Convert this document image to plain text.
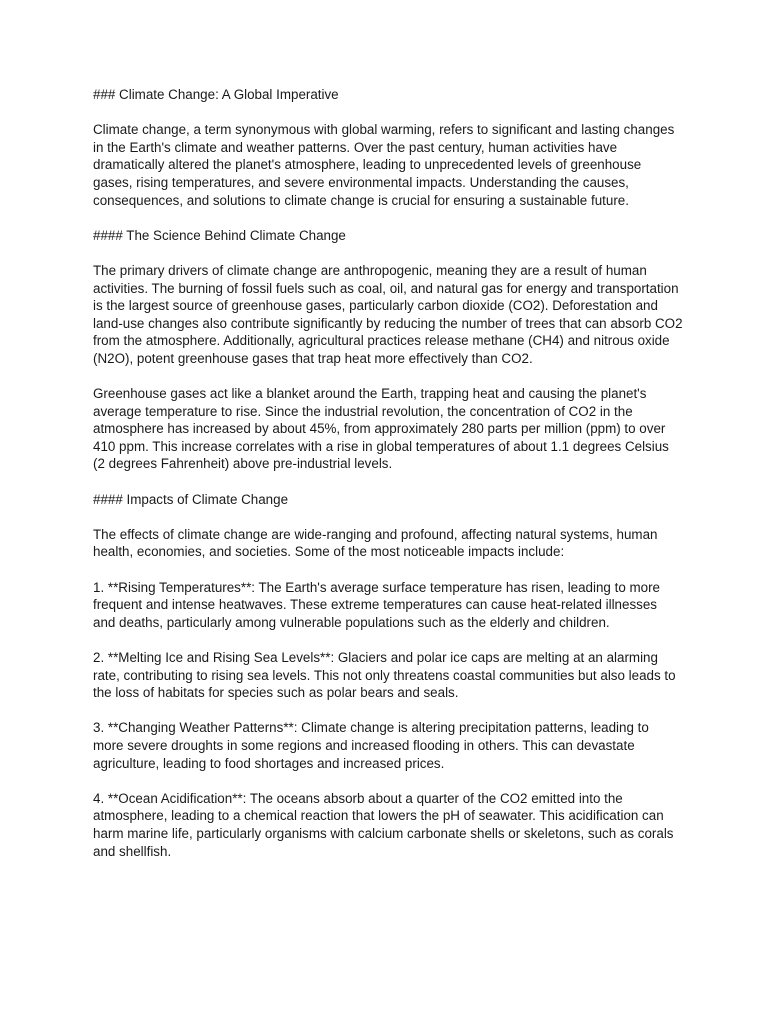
### Climate Change: A Global Imperative

Climate change, a term synonymous with global warming, refers to significant and lasting changes in the Earth's climate and weather patterns. Over the past century, human activities have dramatically altered the planet's atmosphere, leading to unprecedented levels of greenhouse gases, rising temperatures, and severe environmental impacts. Understanding the causes, consequences, and solutions to climate change is crucial for ensuring a sustainable future.

#### The Science Behind Climate Change

The primary drivers of climate change are anthropogenic, meaning they are a result of human activities. The burning of fossil fuels such as coal, oil, and natural gas for energy and transportation is the largest source of greenhouse gases, particularly carbon dioxide (CO2). Deforestation and land-use changes also contribute significantly by reducing the number of trees that can absorb CO2 from the atmosphere. Additionally, agricultural practices release methane (CH4) and nitrous oxide (N2O), potent greenhouse gases that trap heat more effectively than CO2.

Greenhouse gases act like a blanket around the Earth, trapping heat and causing the planet's average temperature to rise. Since the industrial revolution, the concentration of CO2 in the atmosphere has increased by about 45%, from approximately 280 parts per million (ppm) to over 410 ppm. This increase correlates with a rise in global temperatures of about 1.1 degrees Celsius (2 degrees Fahrenheit) above pre-industrial levels.

#### Impacts of Climate Change

The effects of climate change are wide-ranging and profound, affecting natural systems, human health, economies, and societies. Some of the most noticeable impacts include:

1. **Rising Temperatures**: The Earth's average surface temperature has risen, leading to more frequent and intense heatwaves. These extreme temperatures can cause heat-related illnesses and deaths, particularly among vulnerable populations such as the elderly and children.

2. **Melting Ice and Rising Sea Levels**: Glaciers and polar ice caps are melting at an alarming rate, contributing to rising sea levels. This not only threatens coastal communities but also leads to the loss of habitats for species such as polar bears and seals.

3. **Changing Weather Patterns**: Climate change is altering precipitation patterns, leading to more severe droughts in some regions and increased flooding in others. This can devastate agriculture, leading to food shortages and increased prices.

4. **Ocean Acidification**: The oceans absorb about a quarter of the CO2 emitted into the atmosphere, leading to a chemical reaction that lowers the pH of seawater. This acidification can harm marine life, particularly organisms with calcium carbonate shells or skeletons, such as corals and shellfish.
